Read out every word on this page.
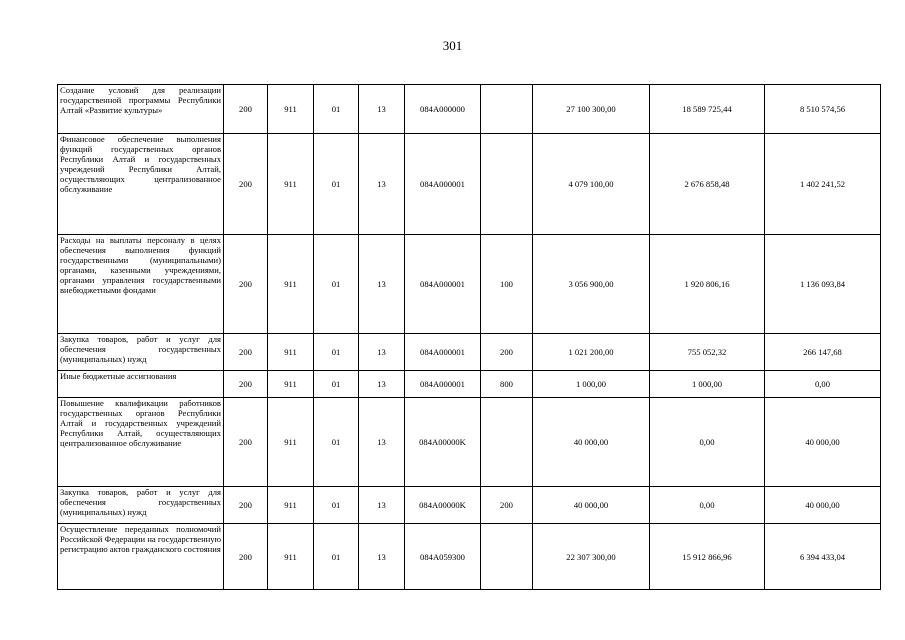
301
Создание условий для реализации государственной программы Республики Алтай «Развитие культуры»	200	911	01	13	084A000000		27 100 300,00	18 589 725,44	8 510 574,56
Финансовое обеспечение выполнения функций государственных органов Республики Алтай и государственных учреждений Республики Алтай, осуществляющих централизованное обслуживание	200	911	01	13	084A000001		4 079 100,00	2 676 858,48	1 402 241,52
Расходы на выплаты персоналу в целях обеспечения выполнения функций государственными (муниципальными) органами, казенными учреждениями, органами управления государственными внебюджетными фондами	200	911	01	13	084A000001	100	3 056 900,00	1 920 806,16	1 136 093,84
Закупка товаров, работ и услуг для обеспечения государственных (муниципальных) нужд	200	911	01	13	084A000001	200	1 021 200,00	755 052,32	266 147,68
Иные бюджетные ассигнования	200	911	01	13	084A000001	800	1 000,00	1 000,00	0,00
Повышение квалификации работников государственных органов Республики Алтай и государственных учреждений Республики Алтай, осуществляющих централизованное обслуживание	200	911	01	13	084A00000K		40 000,00	0,00	40 000,00
Закупка товаров, работ и услуг для обеспечения государственных (муниципальных) нужд	200	911	01	13	084A00000K	200	40 000,00	0,00	40 000,00
Осуществление переданных полномочий Российской Федерации на государственную регистрацию актов гражданского состояния	200	911	01	13	084A059300		22 307 300,00	15 912 866,96	6 394 433,04
